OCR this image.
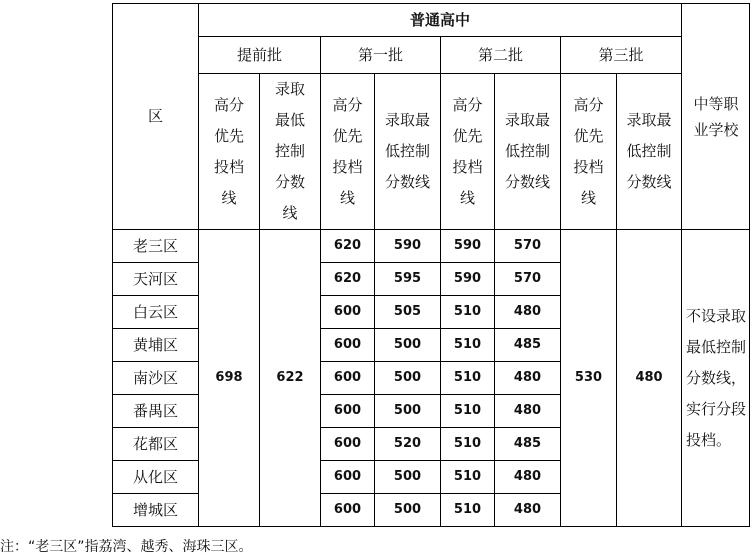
区	普通高中								中等职业学校
	提前批		第一批		第二批		第三批		
	高分优先投档线	录取最低控制分数线	高分优先投档线	录取最低控制分数线	高分优先投档线	录取最低控制分数线	高分优先投档线	录取最低控制分数线	
老三区	698	622	620	590	590	570	530	480	不设录取最低控制分数线，实行分段投档。
天河区			620	595	590	570			
白云区			600	505	510	480			
黄埔区			600	500	510	485			
南沙区			600	500	510	480			
番禺区			600	500	510	480			
花都区			600	520	510	485			
从化区			600	500	510	480			
增城区			600	500	510	480			
注：“老三区”指荔湾、越秀、海珠三区。
